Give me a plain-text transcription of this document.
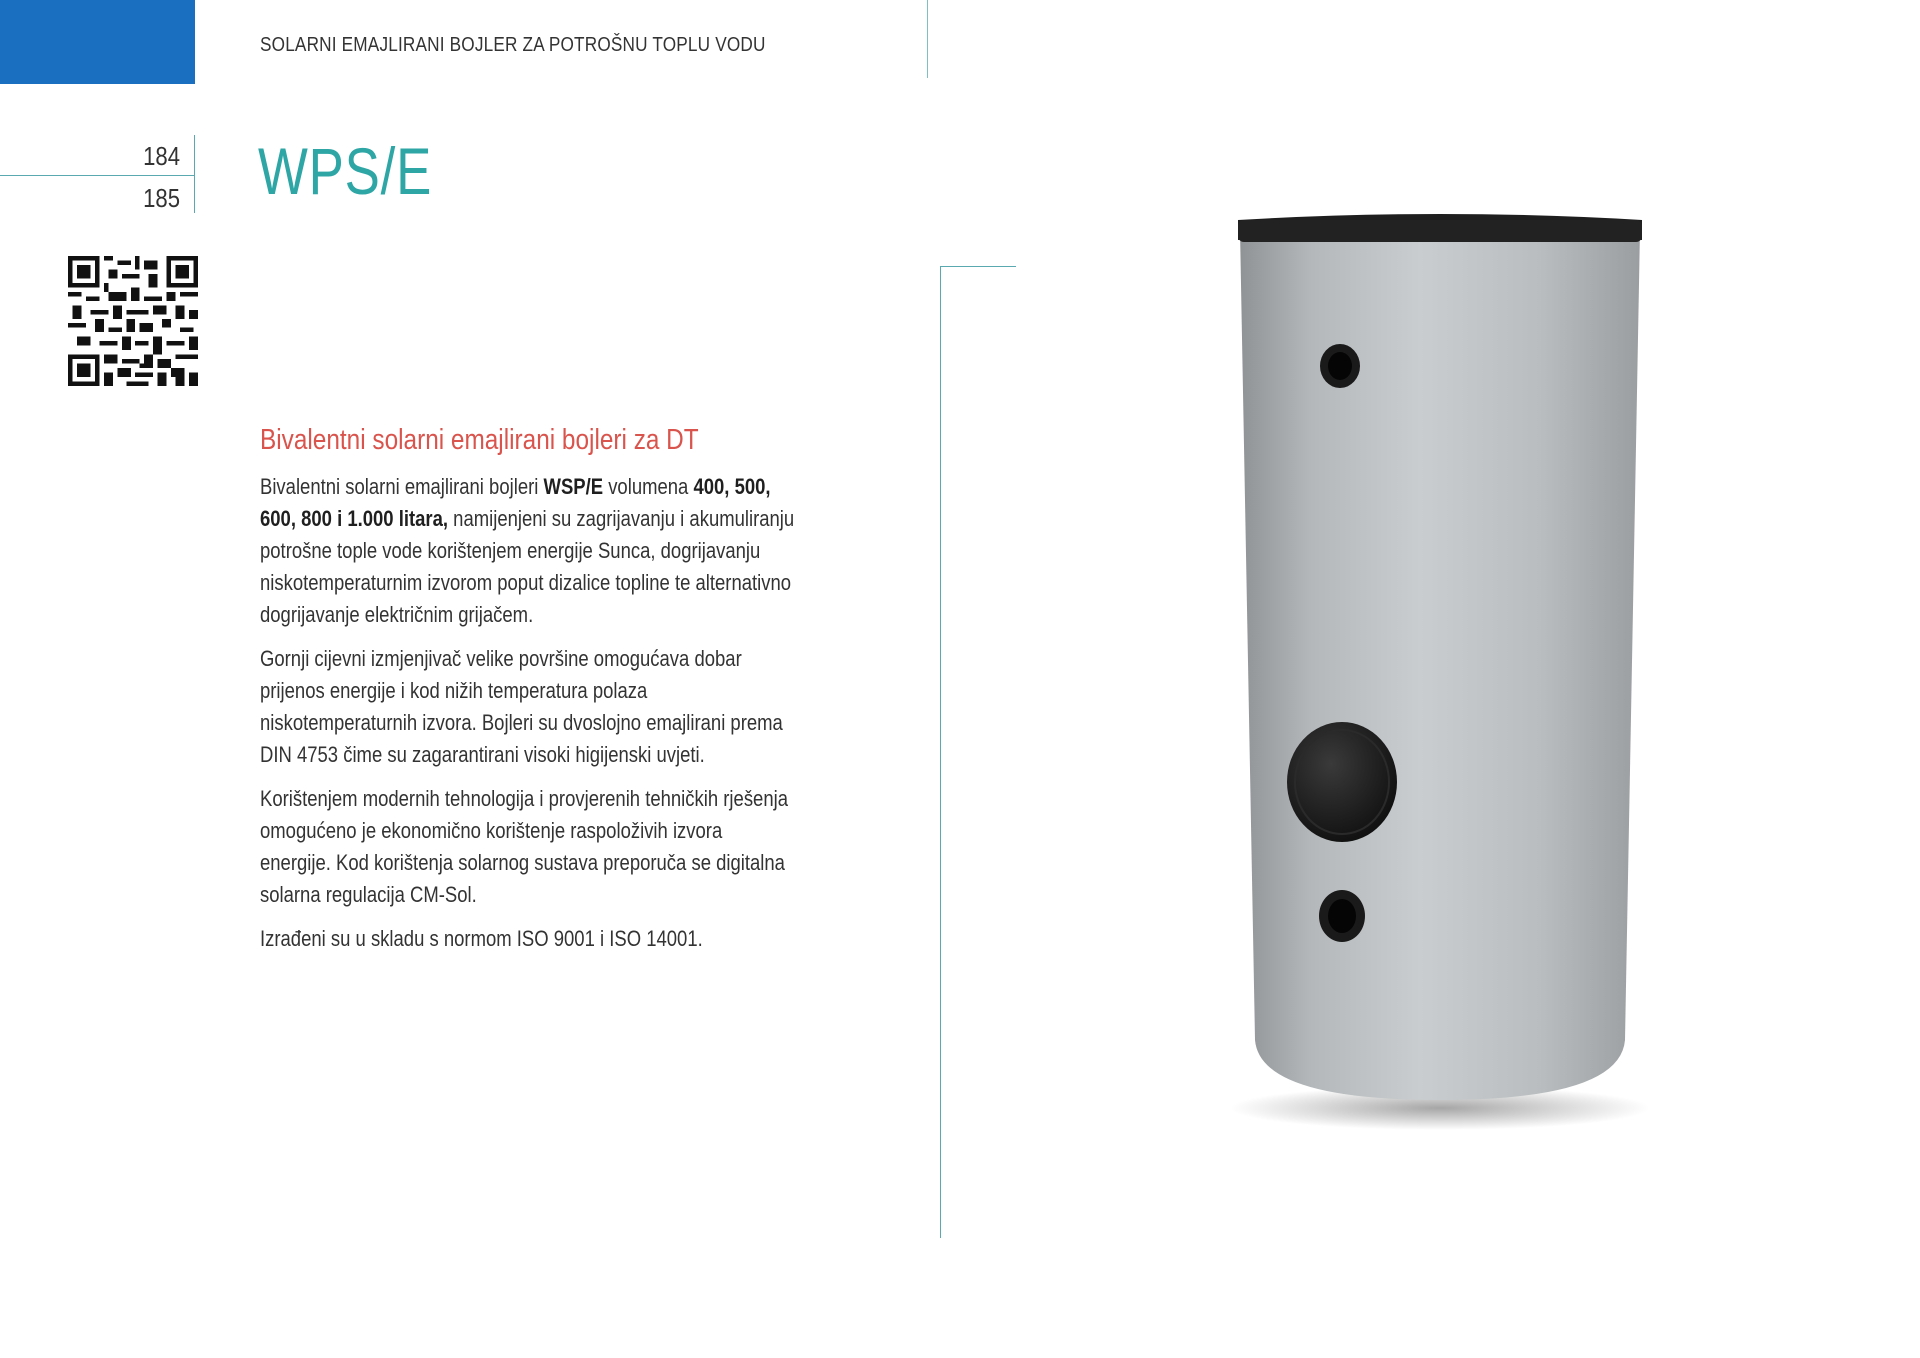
SOLARNI EMAJLIRANI BOJLER ZA POTROŠNU TOPLU VODU
184
185 WPS/E
Bivalentni solarni emajlirani bojleri za DT

Bivalentni solarni emajlirani bojleri WSP/E volumena 400, 500, 600, 800 i 1.000 litara, namijenjeni su zagrijavanju i akumuliranju potrošne tople vode korištenjem energije Sunca, dogrijavanju niskotemperaturnim izvorom poput dizalice topline te alternativno dogrijavanje električnim grijačem.

Gornji cijevni izmjenjivač velike površine omogućava dobar prijenos energije i kod nižih temperatura polaza niskotemperaturnih izvora. Bojleri su dvoslojno emajlirani prema DIN 4753 čime su zagarantirani visoki higijenski uvjeti.

Korištenjem modernih tehnologija i provjerenih tehničkih rješenja omogućeno je ekonomično korištenje raspoloživih izvora energije. Kod korištenja solarnog sustava preporuča se digitalna solarna regulacija CM-Sol.

Izrađeni su u skladu s normom ISO 9001 i ISO 14001.
